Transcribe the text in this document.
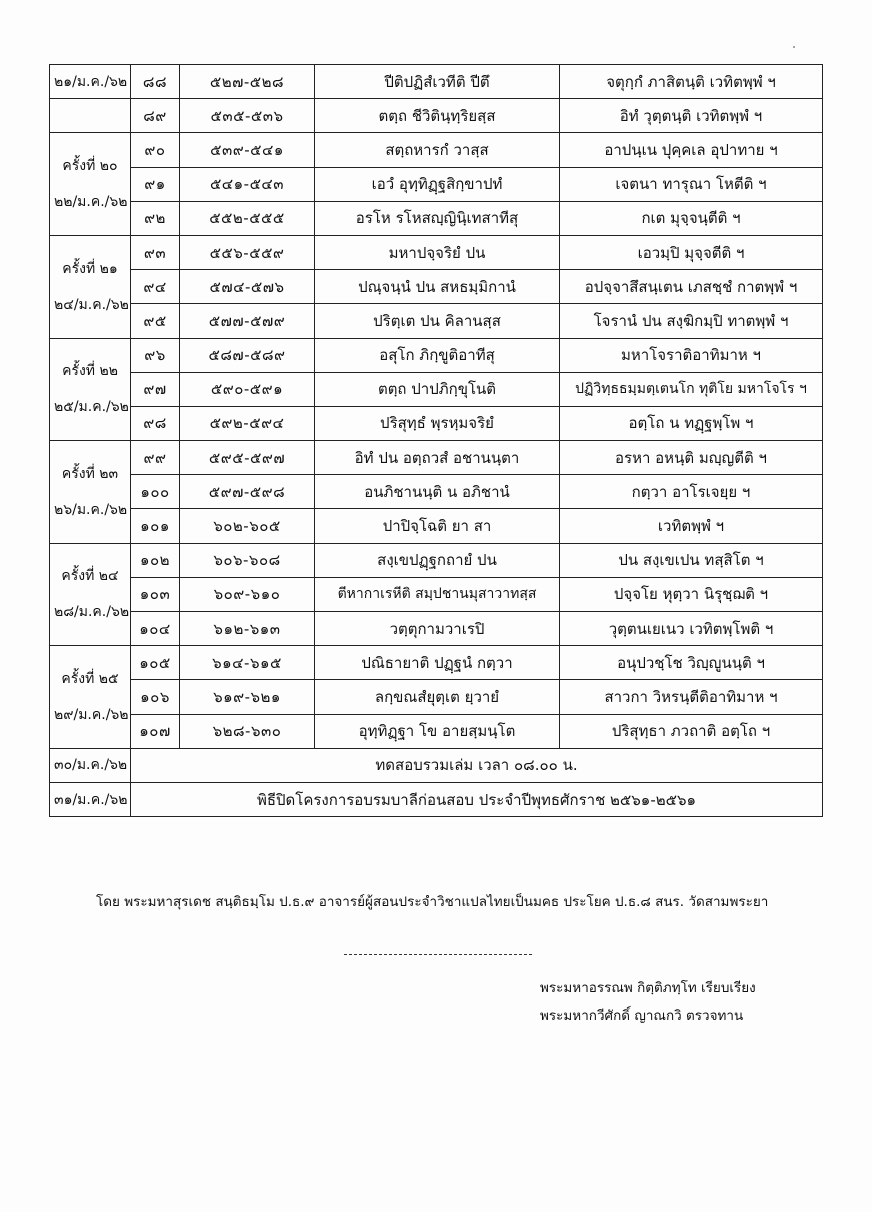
๒๑/ม.ค./๖๒	๘๘	๕๒๗-๕๒๘	ปีติปฏิสํเวทีติ ปีตึ	จตุกฺกํ ภาสิตนฺติ เวทิตพฺพํ ฯ
	๘๙	๕๓๕-๕๓๖	ตตฺถ ชีวิตินฺทฺริยสฺส	อิทํ วุตฺตนฺติ เวทิตพฺพํ ฯ

ครั้งที่ ๒๐
๒๒/ม.ค./๖๒	๙๐	๕๓๙-๕๔๑	สตฺถหารกํ วาสฺส	อาปนฺเน ปุคฺคเล อุปาทาย ฯ
	๙๑	๕๔๑-๕๔๓	เอวํ อุทฺทิฏฺฐสิกฺขาปทํ	เจตนา ทารุณา โหตีติ ฯ
	๙๒	๕๕๒-๕๕๕	อรโห รโหสญฺญินิฺเทสาทีสุ	กเต มุจฺจนฺตีติ ฯ

ครั้งที่ ๒๑
๒๔/ม.ค./๖๒	๙๓	๕๕๖-๕๕๙	มหาปจฺจริยํ ปน	เอวมฺปิ มุจฺจตีติ ฯ
	๙๔	๕๗๔-๕๗๖	ปณฺจนฺนํ ปน สหธมฺมิกานํ	อปจฺจาสึสนฺเตน เภสชฺชํ กาตพฺพํ ฯ
	๙๕	๕๗๗-๕๗๙	ปริตฺเต ปน คิลานสฺส	โจรานํ ปน สงฺฆิกมฺปิ ทาตพฺพํ ฯ

ครั้งที่ ๒๒
๒๕/ม.ค./๖๒	๙๖	๕๘๗-๕๘๙	อสุโก ภิกฺขูติอาทีสุ	มหาโจราติอาทิมาห ฯ
	๙๗	๕๙๐-๕๙๑	ตตฺถ ปาปภิกฺขุโนติ	ปฏิวิทฺธธมฺมตฺเตนโก ทุติโย มหาโจโร ฯ
	๙๘	๕๙๒-๕๙๔	ปริสุทฺธํ พฺรหฺมจริยํ	อตฺโถ น ทฏฺฐพฺโพ ฯ

ครั้งที่ ๒๓
๒๖/ม.ค./๖๒	๙๙	๕๙๕-๕๙๗	อิทํ ปน อตฺถวสํ อชานนฺตา	อรหา อหนฺติ มญฺญตีติ ฯ
	๑๐๐	๕๙๗-๕๙๘	อนภิชานนฺติ น อภิชานํ	กตฺวา อาโรเจยฺย ฯ
	๑๐๑	๖๐๒-๖๐๕	ปาปิจฺโฉติ ยา สา	เวทิตพฺพํ ฯ

ครั้งที่ ๒๔
๒๘/ม.ค./๖๒	๑๐๒	๖๐๖-๖๐๘	สงฺเขปฏฺฐกถายํ ปน	ปน สงฺเขเปน ทสฺสิโต ฯ
	๑๐๓	๖๐๙-๖๑๐	ตีหากาเรหีติ สมฺปชานมุสาวาทสฺส	ปจฺจโย หุตฺวา นิรุชฺฌติ ฯ
	๑๐๔	๖๑๒-๖๑๓	วตฺตุกามวาเรปิ	วุตฺตนเยเนว เวทิตพฺโพติ ฯ

ครั้งที่ ๒๕
๒๙/ม.ค./๖๒	๑๐๕	๖๑๔-๖๑๕	ปณิธายาติ ปฏฺฐนํ กตฺวา	อนุปวชฺโช วิญฺญูนนฺติ ฯ
	๑๐๖	๖๑๙-๖๒๑	ลกฺขณสํยุตฺเต ยฺวายํ	สาวกา วิหรนฺตีติอาทิมาห ฯ
	๑๐๗	๖๒๘-๖๓๐	อุทฺทิฏฺฐา โข อายสฺมนฺโต	ปริสุทฺธา ภวถาติ อตฺโถ ฯ
๓๐/ม.ค./๖๒	ทดสอบรวมเล่ม เวลา ๐๘.๐๐ น.			
๓๑/ม.ค./๖๒	พิธีปิดโครงการอบรมบาลีก่อนสอบ ประจำปีพุทธศักราช ๒๕๖๑-๒๕๖๑			
โดย พระมหาสุรเดช สนฺติธมฺโม ป.ธ.๙ อาจารย์ผู้สอนประจำวิชาแปลไทยเป็นมคธ ประโยค ป.ธ.๘ สนร. วัดสามพระยา
พระมหาอรรณพ กิตฺติภทฺโท เรียบเรียง
พระมหากวีศักดิ์ ญาณกวิ ตรวจทาน
